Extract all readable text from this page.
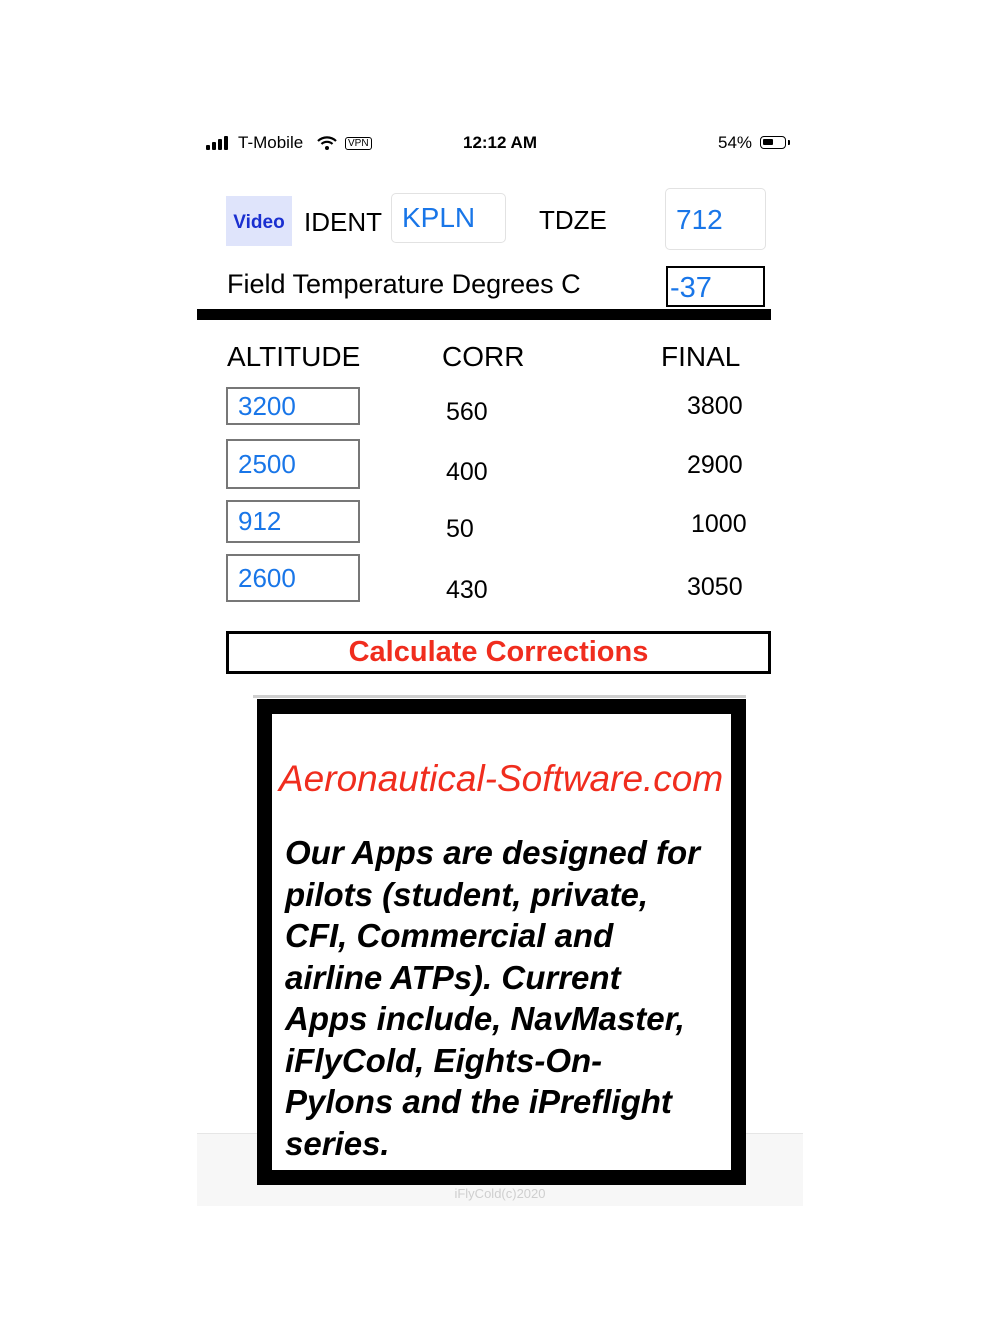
iFlyCold(c)2020
T-Mobile	VPN	12:12 AM	54%
Video IDENT KPLN	TDZE	712
Field Temperature Degrees C	-37
ALTITUDE	CORR	FINAL
3200	560	3800
2500	400	2900
912	50	1000
2600	430	3050
Calculate Corrections
Aeronautical-Software.com
Our Apps are designed for
pilots (student, private,
CFI, Commercial and
airline ATPs). Current
Apps include, NavMaster,
iFlyCold, Eights-On-
Pylons and the iPreflight
series.
